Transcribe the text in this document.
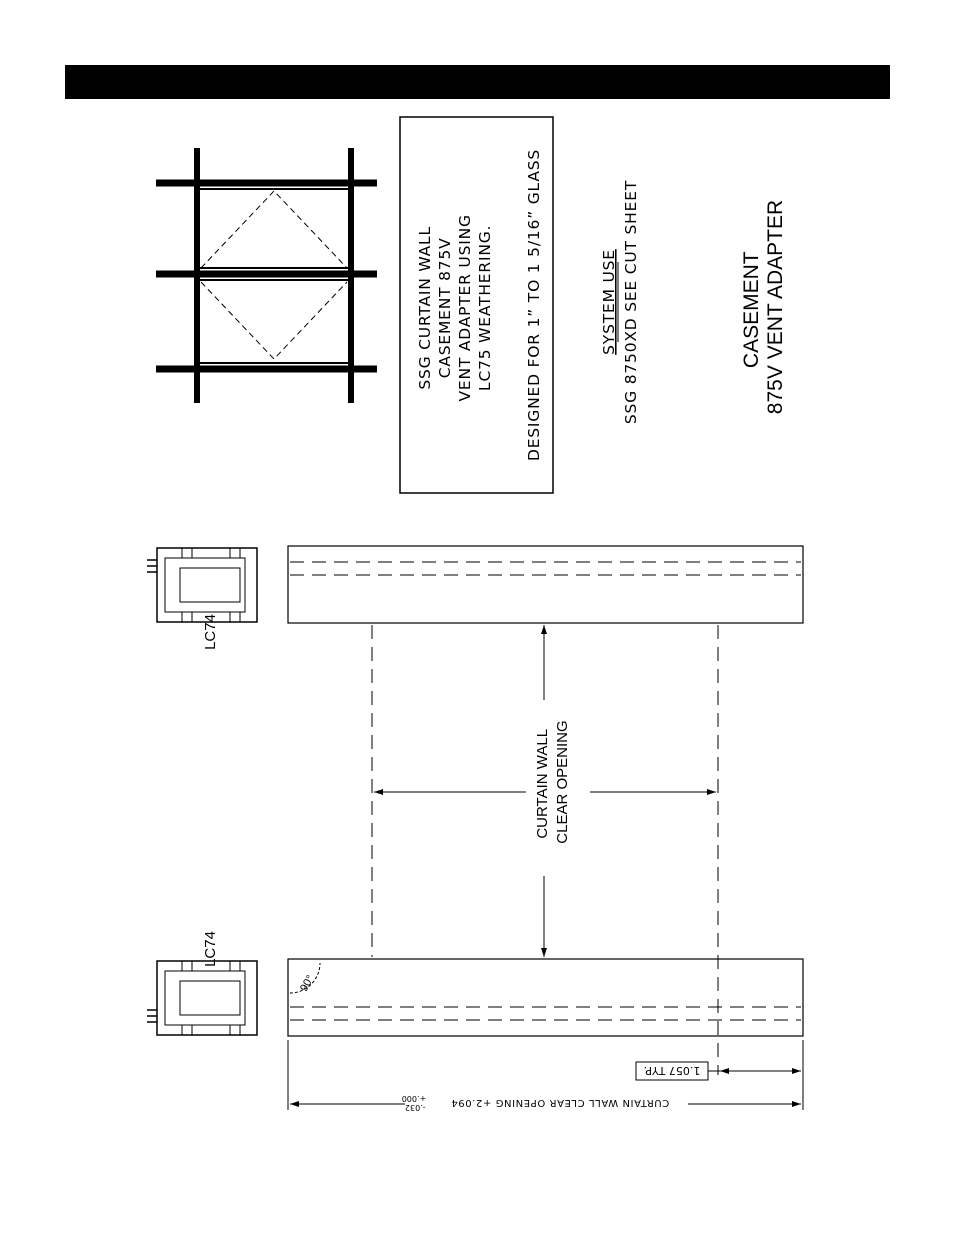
SSG CURTAIN WALL CASEMENT 875V VENT ADAPTER USING LC75 WEATHERING. DESIGNED FOR 1” TO 1 5/16” GLASS	SYSTEM USE SSG 8750XD SEE CUT SHEET	CASEMENT 875V VENT ADAPTER
LC74
LC74
CURTAIN WALL CLEAR OPENING
90°
1.057 TYP.
CURTAIN WALL CLEAR OPENING +2.094
-.032 +.000
